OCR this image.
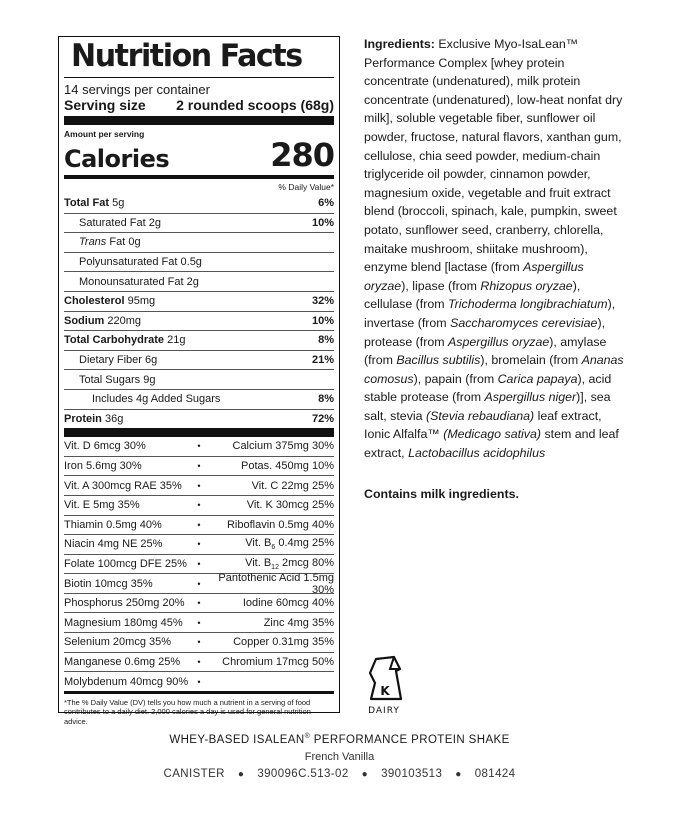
Nutrition Facts
14 servings per container
Serving size 2 rounded scoops (68g)
Amount per serving
Calories	280
% Daily Value*
Total Fat 5g	6%
Saturated Fat 2g	10%
Trans Fat 0g
Polyunsaturated Fat 0.5g
Monounsaturated Fat 2g
Cholesterol 95mg	32%
Sodium 220mg	10%
Total Carbohydrate 21g	8%
Dietary Fiber 6g	21%
Total Sugars 9g
Includes 4g Added Sugars	8%
Protein 36g	72%
Vit. D 6mcg 30%	•	Calcium 375mg 30%
Iron 5.6mg 30%	•	Potas. 450mg 10%
Vit. A 300mcg RAE 35%	•	Vit. C 22mg 25%
Vit. E 5mg 35%	•	Vit. K 30mcg 25%
Thiamin 0.5mg 40%	•	Riboflavin 0.5mg 40%
Niacin 4mg NE 25%	•	Vit. $B_6$ 0.4mg 25%
Folate 100mcg DFE 25%	•	Vit. $B_{12}$ 2mcg 80%
Biotin 10mcg 35%	•	Pantothenic Acid 1.5mg 30%
Phosphorus 250mg 20%	•	Iodine 60mcg 40%
Magnesium 180mg 45%	•	Zinc 4mg 35%
Selenium 20mcg 35%	•	Copper 0.31mg 35%
Manganese 0.6mg 25%	•	Chromium 17mcg 50%
Molybdenum 40mcg 90%	•
*The % Daily Value (DV) tells you how much a nutrient in a serving of food contributes to a daily diet. 2,000 calories a day is used for general nutrition advice.
Ingredients: Exclusive Myo-IsaLean™ Performance Complex [whey protein concentrate (undenatured), milk protein concentrate (undenatured), low-heat nonfat dry milk], soluble vegetable fiber, sunflower oil powder, fructose, natural flavors, xanthan gum, cellulose, chia seed powder, medium-chain triglyceride oil powder, cinnamon powder, magnesium oxide, vegetable and fruit extract blend (broccoli, spinach, kale, pumpkin, sweet potato, sunflower seed, cranberry, chlorella, maitake mushroom, shiitake mushroom), enzyme blend [lactase (from Aspergillus oryzae), lipase (from Rhizopus oryzae), cellulase (from Trichoderma longibrachiatum), invertase (from Saccharomyces cerevisiae), protease (from Aspergillus oryzae), amylase (from Bacillus subtilis), bromelain (from Ananas comosus), papain (from Carica papaya), acid stable protease (from Aspergillus niger)], sea salt, stevia (Stevia rebaudiana) leaf extract, Ionic Alfalfa™ (Medicago sativa) stem and leaf extract, Lactobacillus acidophilus
Contains milk ingredients.
K
DAIRY
WHEY-BASED ISALEAN® PERFORMANCE PROTEIN SHAKE
French Vanilla
CANISTER ● 390096C.513-02 ● 390103513 ● 081424
